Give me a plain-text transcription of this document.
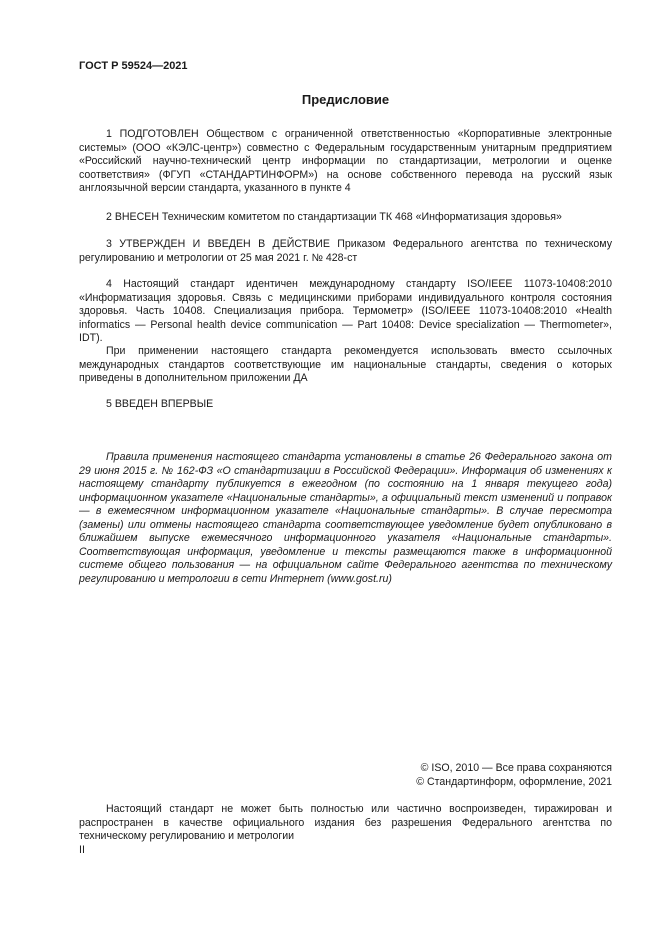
ГОСТ Р 59524—2021
Предисловие
1 ПОДГОТОВЛЕН Обществом с ограниченной ответственностью «Корпоративные электронные системы» (ООО «КЭЛС-центр») совместно с Федеральным государственным унитарным предприятием «Российский научно-технический центр информации по стандартизации, метрологии и оценке соответствия» (ФГУП «СТАНДАРТИНФОРМ») на основе собственного перевода на русский язык англоязычной версии стандарта, указанного в пункте 4
2 ВНЕСЕН Техническим комитетом по стандартизации ТК 468 «Информатизация здоровья»
3 УТВЕРЖДЕН И ВВЕДЕН В ДЕЙСТВИЕ Приказом Федерального агентства по техническому регулированию и метрологии от 25 мая 2021 г. № 428-ст
4 Настоящий стандарт идентичен международному стандарту ISO/IEEE 11073-10408:2010 «Информатизация здоровья. Связь с медицинскими приборами индивидуального контроля состояния здоровья. Часть 10408. Специализация прибора. Термометр» (ISO/IEEE 11073-10408:2010 «Health informatics — Personal health device communication — Part 10408: Device specialization — Thermometer», IDT).
При применении настоящего стандарта рекомендуется использовать вместо ссылочных международных стандартов соответствующие им национальные стандарты, сведения о которых приведены в дополнительном приложении ДА
5 ВВЕДЕН ВПЕРВЫЕ
Правила применения настоящего стандарта установлены в статье 26 Федерального закона от 29 июня 2015 г. № 162-ФЗ «О стандартизации в Российской Федерации». Информация об изменениях к настоящему стандарту публикуется в ежегодном (по состоянию на 1 января текущего года) информационном указателе «Национальные стандарты», а официальный текст изменений и поправок — в ежемесячном информационном указателе «Национальные стандарты». В случае пересмотра (замены) или отмены настоящего стандарта соответствующее уведомление будет опубликовано в ближайшем выпуске ежемесячного информационного указателя «Национальные стандарты». Соответствующая информация, уведомление и тексты размещаются также в информационной системе общего пользования — на официальном сайте Федерального агентства по техническому регулированию и метрологии в сети Интернет (www.gost.ru)
© ISO, 2010 — Все права сохраняются
© Стандартинформ, оформление, 2021
Настоящий стандарт не может быть полностью или частично воспроизведен, тиражирован и распространен в качестве официального издания без разрешения Федерального агентства по техническому регулированию и метрологии
II
